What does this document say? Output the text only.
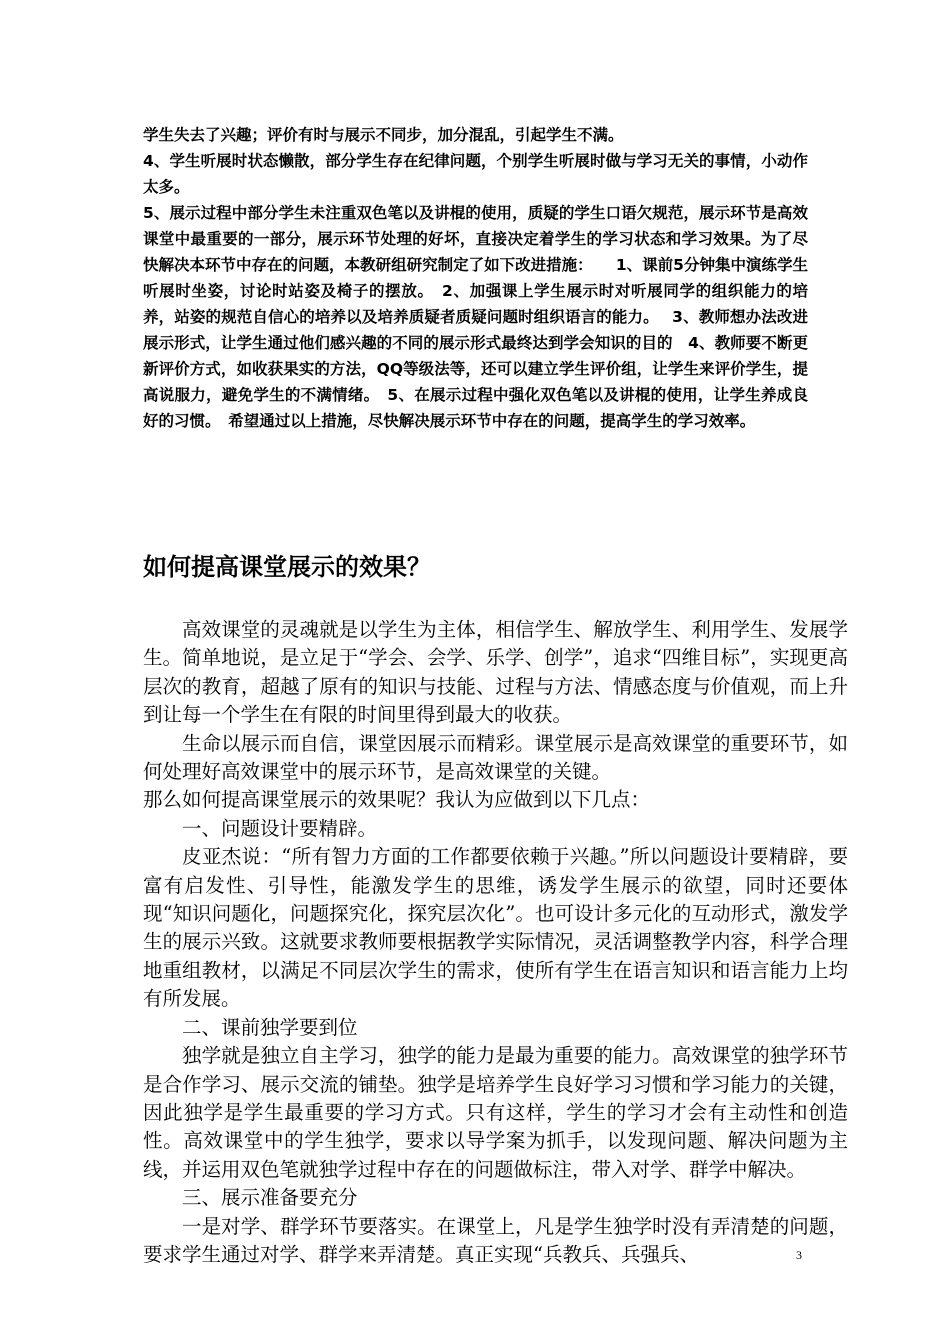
学生失去了兴趣；评价有时与展示不同步，加分混乱，引起学生不满。

4、学生听展时状态懒散，部分学生存在纪律问题，个别学生听展时做与学习无关的事情，小动作太多。

5、展示过程中部分学生未注重双色笔以及讲棍的使用，质疑的学生口语欠规范，展示环节是高效课堂中最重要的一部分，展示环节处理的好坏，直接决定着学生的学习状态和学习效果。为了尽快解决本环节中存在的问题，本教研组研究制定了如下改进措施：　　1、课前5分钟集中演练学生听展时坐姿，讨论时站姿及椅子的摆放。　2、加强课上学生展示时对听展同学的组织能力的培养，站姿的规范自信心的培养以及培养质疑者质疑问题时组织语言的能力。　 3、教师想办法改进展示形式，让学生通过他们感兴趣的不同的展示形式最终达到学会知识的目的　4、教师要不断更新评价方式，如收获果实的方法，QQ等级法等，还可以建立学生评价组，让学生来评价学生，提高说服力，避免学生的不满情绪。　5、在展示过程中强化双色笔以及讲棍的使用，让学生养成良好的习惯。　希望通过以上措施，尽快解决展示环节中存在的问题，提高学生的学习效率。

如何提高课堂展示的效果？

高效课堂的灵魂就是以学生为主体，相信学生、解放学生、利用学生、发展学生。简单地说，是立足于“学会、会学、乐学、创学”，追求“四维目标”，实现更高层次的教育，超越了原有的知识与技能、过程与方法、情感态度与价值观，而上升到让每一个学生在有限的时间里得到最大的收获。

生命以展示而自信，课堂因展示而精彩。课堂展示是高效课堂的重要环节，如何处理好高效课堂中的展示环节，是高效课堂的关键。

那么如何提高课堂展示的效果呢？我认为应做到以下几点：

一、问题设计要精辟。

皮亚杰说：“所有智力方面的工作都要依赖于兴趣。”所以问题设计要精辟，要富有启发性、引导性，能激发学生的思维，诱发学生展示的欲望，同时还要体现“知识问题化，问题探究化，探究层次化”。也可设计多元化的互动形式，激发学生的展示兴致。这就要求教师要根据教学实际情况，灵活调整教学内容，科学合理地重组教材，以满足不同层次学生的需求，使所有学生在语言知识和语言能力上均有所发展。

二、课前独学要到位

独学就是独立自主学习，独学的能力是最为重要的能力。高效课堂的独学环节是合作学习、展示交流的铺垫。独学是培养学生良好学习习惯和学习能力的关键，因此独学是学生最重要的学习方式。只有这样，学生的学习才会有主动性和创造性。高效课堂中的学生独学，要求以导学案为抓手，以发现问题、解决问题为主线，并运用双色笔就独学过程中存在的问题做标注，带入对学、群学中解决。

三、展示准备要充分

一是对学、群学环节要落实。在课堂上，凡是学生独学时没有弄清楚的问题，要求学生通过对学、群学来弄清楚。真正实现“兵教兵、兵强兵、	3
